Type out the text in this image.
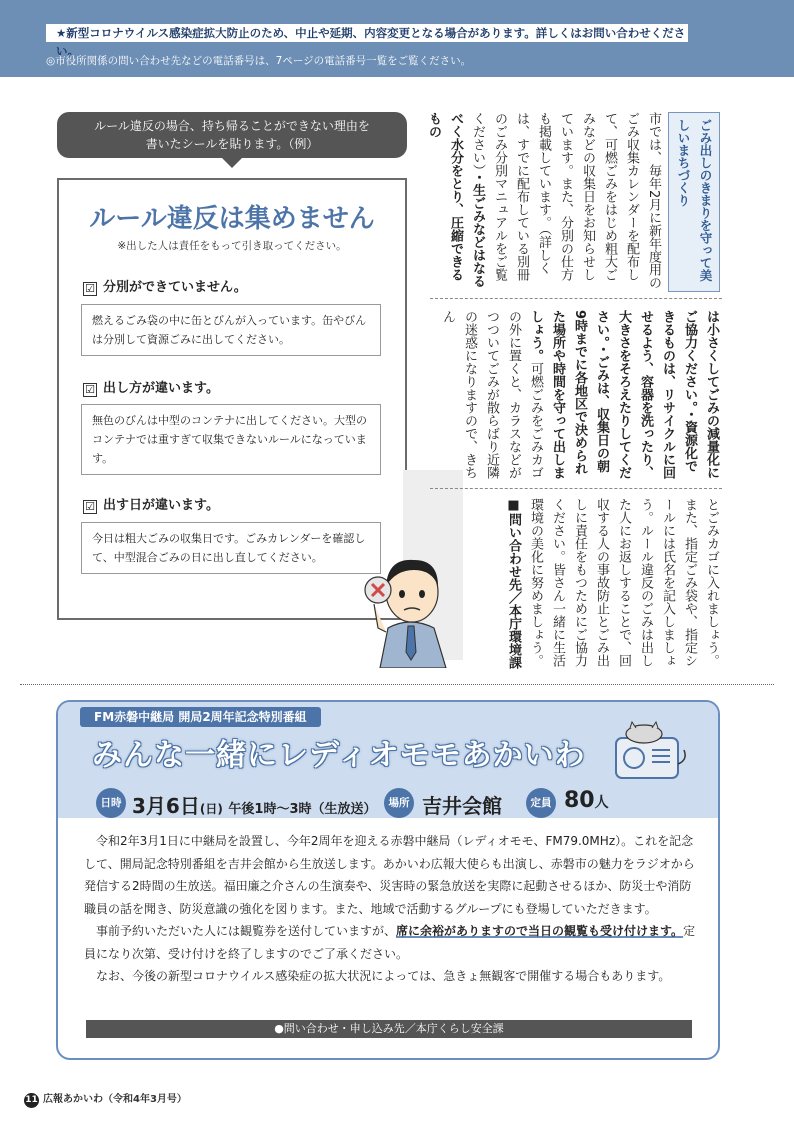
★新型コロナウイルス感染症拡大防止のため、中止や延期、内容変更となる場合があります。詳しくはお問い合わせください。
◎市役所関係の問い合わせ先などの電話番号は、7ページの電話番号一覧をご覧ください。
ルール違反の場合、持ち帰ることができない理由を
書いたシールを貼ります。（例）
ルール違反は集めません
※出した人は責任をもって引き取ってください。
☑ 分別ができていません。
燃えるごみ袋の中に缶とびんが入っています。缶やびんは分別して資源ごみに出してください。
☑ 出し方が違います。
無色のびんは中型のコンテナに出してください。大型のコンテナでは重すぎて収集できないルールになっています。
☑ 出す日が違います。
今日は粗大ごみの収集日です。ごみカレンダーを確認して、中型混合ごみの日に出し直してください。
ごみ出しのきまりを守って美しいまちづくり
市では、毎年2月に新年度用のごみ収集カレンダーを配布して、可燃ごみをはじめ粗大ごみなどの収集日をお知らせしています。また、分別の仕方も掲載しています。（詳しくは、すでに配布している別冊のごみ分別マニュアルをご覧ください）・生ごみなどはなるべく水分をとり、圧縮できるもの
は小さくしてごみの減量化にご協力ください。・資源化できるものは、リサイクルに回せるよう、容器を洗ったり、大きさをそろえたりしてください。・ごみは、収集日の朝9時までに各地区で決められた場所や時間を守って出しましょう。可燃ごみをごみカゴの外に置くと、カラスなどがつついてごみが散らばり近隣の迷惑になりますので、きちん
とごみカゴに入れましょう。また、指定ごみ袋や、指定シールには氏名を記入しましょう。ルール違反のごみは出した人にお返しすることで、回収する人の事故防止とごみ出しに責任をもつためにご協力ください。皆さん一緒に生活環境の美化に努めましょう。■問い合わせ先／本庁環境課
FM赤磐中継局 開局2周年記念特別番組
みんな一緒にレディオモモあかいわ
日時 3月6日(日) 午後1時～3時（生放送）	場所 吉井会館	定員 80人

令和2年3月1日に中継局を設置し、今年2周年を迎える赤磐中継局（レディオモモ、FM79.0MHz）。これを記念して、開局記念特別番組を吉井会館から生放送します。あかいわ広報大使らも出演し、赤磐市の魅力をラジオから発信する2時間の生放送。福田廉之介さんの生演奏や、災害時の緊急放送を実際に起動させるほか、防災士や消防職員の話を聞き、防災意識の強化を図ります。また、地域で活動するグループにも登場していただきます。

事前予約いただいた人には観覧券を送付していますが、席に余裕がありますので当日の観覧も受け付けます。定員になり次第、受け付けを終了しますのでご了承ください。

なお、今後の新型コロナウイルス感染症の拡大状況によっては、急きょ無観客で開催する場合もあります。

●問い合わせ・申し込み先／本庁くらし安全課
11 広報あかいわ（令和4年3月号）
